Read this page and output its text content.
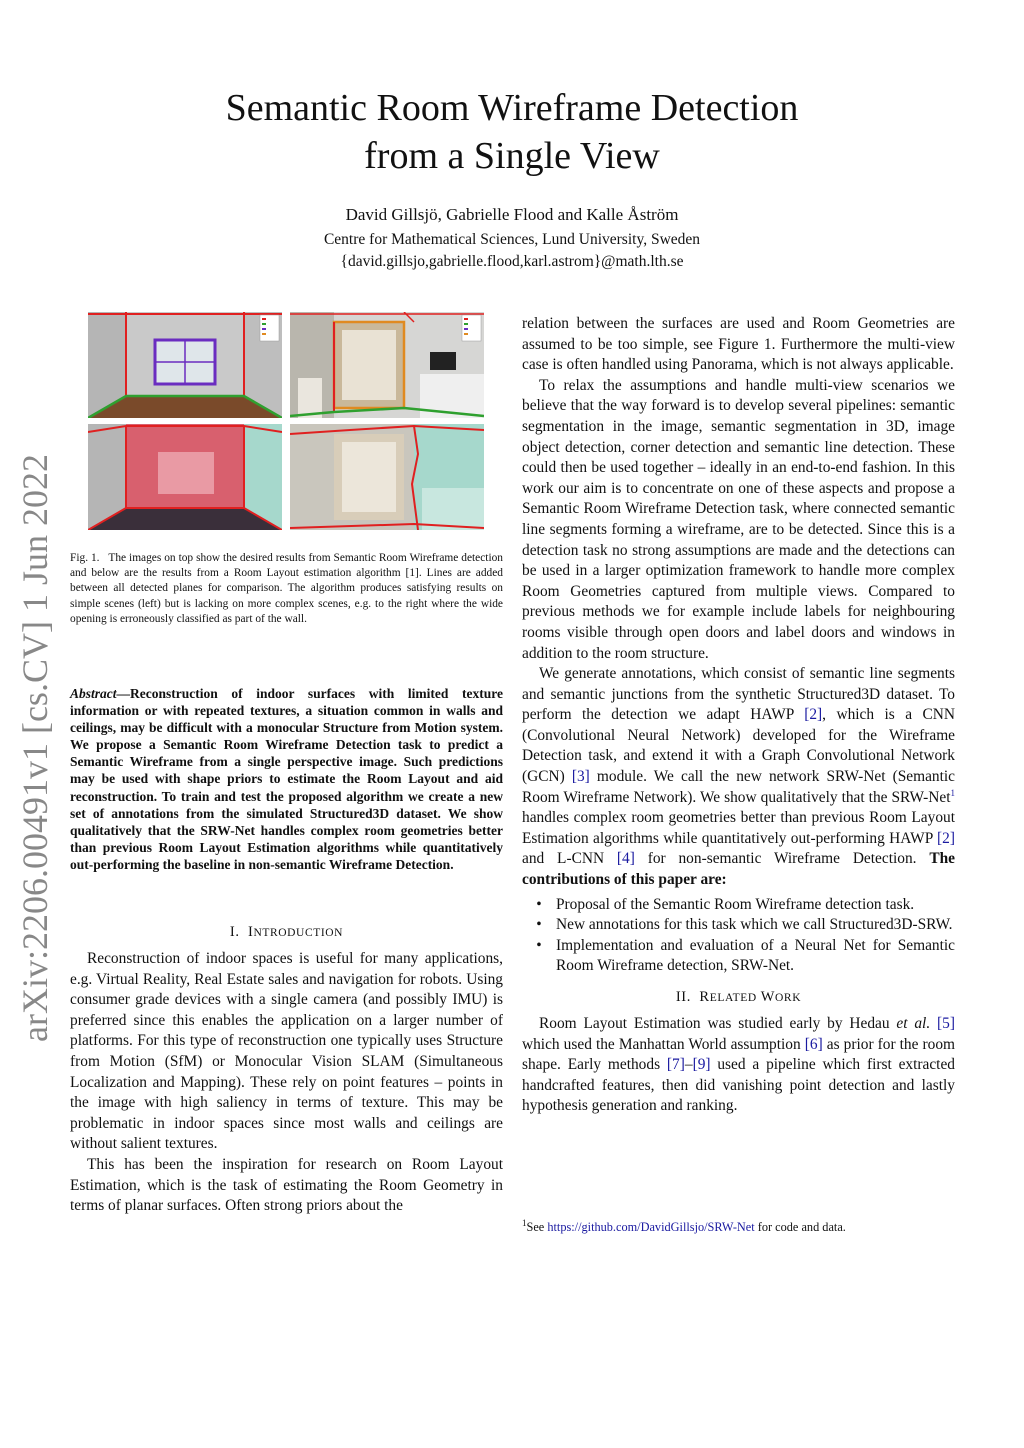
Semantic Room Wireframe Detection
from a Single View
David Gillsjö, Gabrielle Flood and Kalle Åström
Centre for Mathematical Sciences, Lund University, Sweden
{david.gillsjo,gabrielle.flood,karl.astrom}@math.lth.se
arXiv:2206.00491v1 [cs.CV] 1 Jun 2022 Fig. 1. The images on top show the desired results from Semantic Room Wireframe detection and below are the results from a Room Layout estimation algorithm [1]. Lines are added between all detected planes for comparison. The algorithm produces satisfying results on simple scenes (left) but is lacking on more complex scenes, e.g. to the right where the wide opening is erroneously classified as part of the wall.
Abstract—Reconstruction of indoor surfaces with limited texture information or with repeated textures, a situation common in walls and ceilings, may be difficult with a monocular Structure from Motion system. We propose a Semantic Room Wireframe Detection task to predict a Semantic Wireframe from a single perspective image. Such predictions may be used with shape priors to estimate the Room Layout and aid reconstruction. To train and test the proposed algorithm we create a new set of annotations from the simulated Structured3D dataset. We show qualitatively that the SRW-Net handles complex room geometries better than previous Room Layout Estimation algorithms while quantitatively out-performing the baseline in non-semantic Wireframe Detection.
I. INTRODUCTION

Reconstruction of indoor spaces is useful for many applications, e.g. Virtual Reality, Real Estate sales and navigation for robots. Using consumer grade devices with a single camera (and possibly IMU) is preferred since this enables the application on a larger number of platforms. For this type of reconstruction one typically uses Structure from Motion (SfM) or Monocular Vision SLAM (Simultaneous Localization and Mapping). These rely on point features – points in the image with high saliency in terms of texture. This may be problematic in indoor spaces since most walls and ceilings are without salient textures.

This has been the inspiration for research on Room Layout Estimation, which is the task of estimating the Room Geometry in terms of planar surfaces. Often strong priors about the

relation between the surfaces are used and Room Geometries are assumed to be too simple, see Figure 1. Furthermore the multi-view case is often handled using Panorama, which is not always applicable.

To relax the assumptions and handle multi-view scenarios we believe that the way forward is to develop several pipelines: semantic segmentation in the image, semantic segmentation in 3D, image object detection, corner detection and semantic line detection. These could then be used together – ideally in an end-to-end fashion. In this work our aim is to concentrate on one of these aspects and propose a Semantic Room Wireframe Detection task, where connected semantic line segments forming a wireframe, are to be detected. Since this is a detection task no strong assumptions are made and the detections can be used in a larger optimization framework to handle more complex Room Geometries captured from multiple views. Compared to previous methods we for example include labels for neighbouring rooms visible through open doors and label doors and windows in addition to the room structure.

We generate annotations, which consist of semantic line segments and semantic junctions from the synthetic Structured3D dataset. To perform the detection we adapt HAWP [2], which is a CNN (Convolutional Neural Network) developed for the Wireframe Detection task, and extend it with a Graph Convolutional Network (GCN) [3] module. We call the new network SRW-Net (Semantic Room Wireframe Network). We show qualitatively that the SRW-Net$^1$ handles complex room geometries better than previous Room Layout Estimation algorithms while quantitatively out-performing HAWP [2] and L-CNN [4] for non-semantic Wireframe Detection. The contributions of this paper are:

• Proposal of the Semantic Room Wireframe detection task.
• New annotations for this task which we call Structured3D-SRW.
• Implementation and evaluation of a Neural Net for Semantic Room Wireframe detection, SRW-Net.
II. RELATED WORK

Room Layout Estimation was studied early by Hedau et al. [5] which used the Manhattan World assumption [6] as prior for the room shape. Early methods [7]–[9] used a pipeline which first extracted handcrafted features, then did vanishing point detection and lastly hypothesis generation and ranking.

$^1$See https://github.com/DavidGillsjo/SRW-Net for code and data.
